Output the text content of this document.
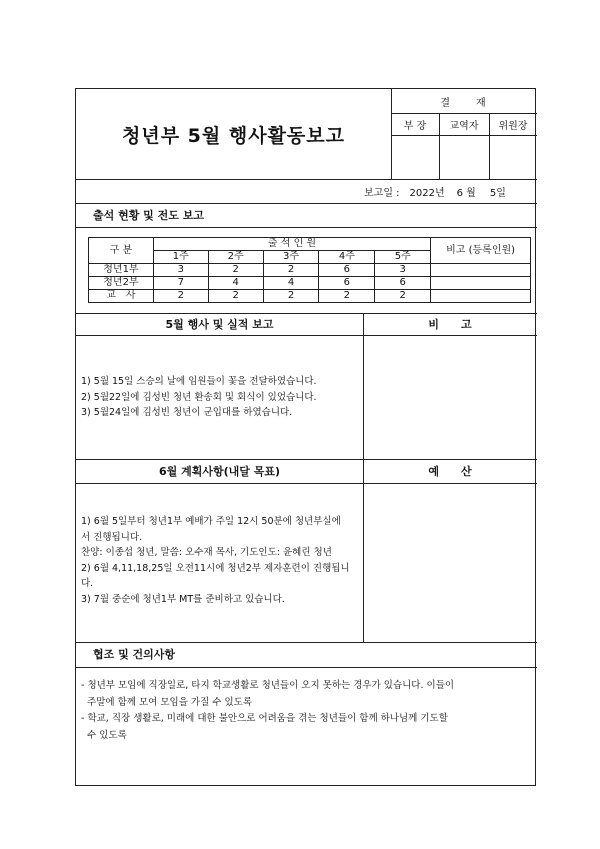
청년부 5월 행사활동보고
결　　재
부 장	교역자	위원장
보고일 : 2022년 6 월 5일
출석 현황 및 전도 보고
구 분	출 석 인 원					비고 (등록인원)
	1주	2주	3주	4주	5주	
청년1부	3	2	2	6	3	
청년2부	7	4	4	6	6	
교　사	2	2	2	2	2	
5월 행사 및 실적 보고	비　　고
1) 5월 15일 스승의 날에 임원들이 꽃을 전달하였습니다.
2) 5월22일에 김성빈 청년 환송회 및 회식이 있었습니다.
3) 5월24일에 김성빈 청년이 군입대를 하였습니다.
6월 계획사항(내달 목표)	예　　산
1) 6월 5일부터 청년1부 예배가 주일 12시 50분에 청년부실에
서 진행됩니다.
찬양: 이종섭 청년, 말씀: 오수재 목사, 기도인도: 윤혜린 청년
2) 6월 4,11,18,25일 오전11시에 청년2부 제자훈련이 진행됩니
다.
3) 7월 중순에 청년1부 MT를 준비하고 있습니다.
협조 및 건의사항
- 청년부 모임에 직장일로, 타지 학교생활로 청년들이 오지 못하는 경우가 있습니다. 이들이
주말에 함께 모여 모임을 가질 수 있도록
- 학교, 직장 생활로, 미래에 대한 불안으로 어려움을 겪는 청년들이 함께 하나님께 기도할
수 있도록
